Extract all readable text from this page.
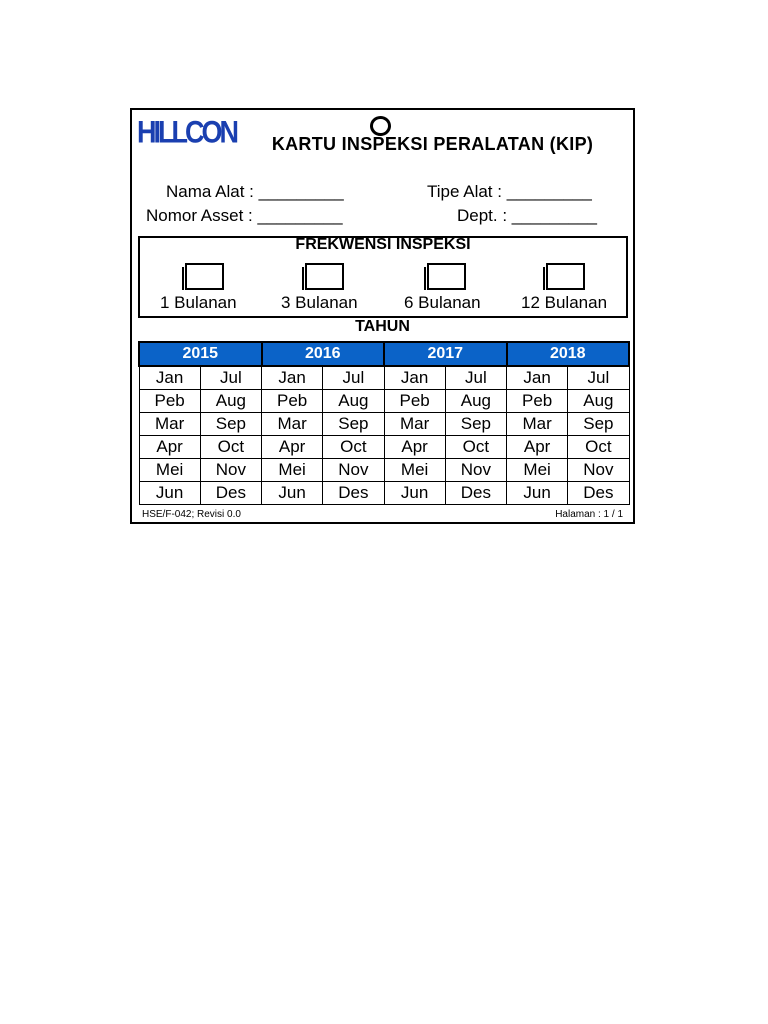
HILLCON	KARTU INSPEKSI PERALATAN (KIP)
Nama Alat : _________	Tipe Alat : _________
Nomor Asset : _________	Dept. : _________
FREKWENSI INSPEKSI
1 Bulanan	3 Bulanan	6 Bulanan 12 Bulanan
TAHUN
2015		2016		2017		2018	
Jan	Jul	Jan	Jul	Jan	Jul	Jan	Jul
Peb	Aug	Peb	Aug	Peb	Aug	Peb	Aug
Mar	Sep	Mar	Sep	Mar	Sep	Mar	Sep
Apr	Oct	Apr	Oct	Apr	Oct	Apr	Oct
Mei	Nov	Mei	Nov	Mei	Nov	Mei	Nov
Jun	Des	Jun	Des	Jun	Des	Jun	Des
HSE/F-042; Revisi 0.0	Halaman : 1 / 1
